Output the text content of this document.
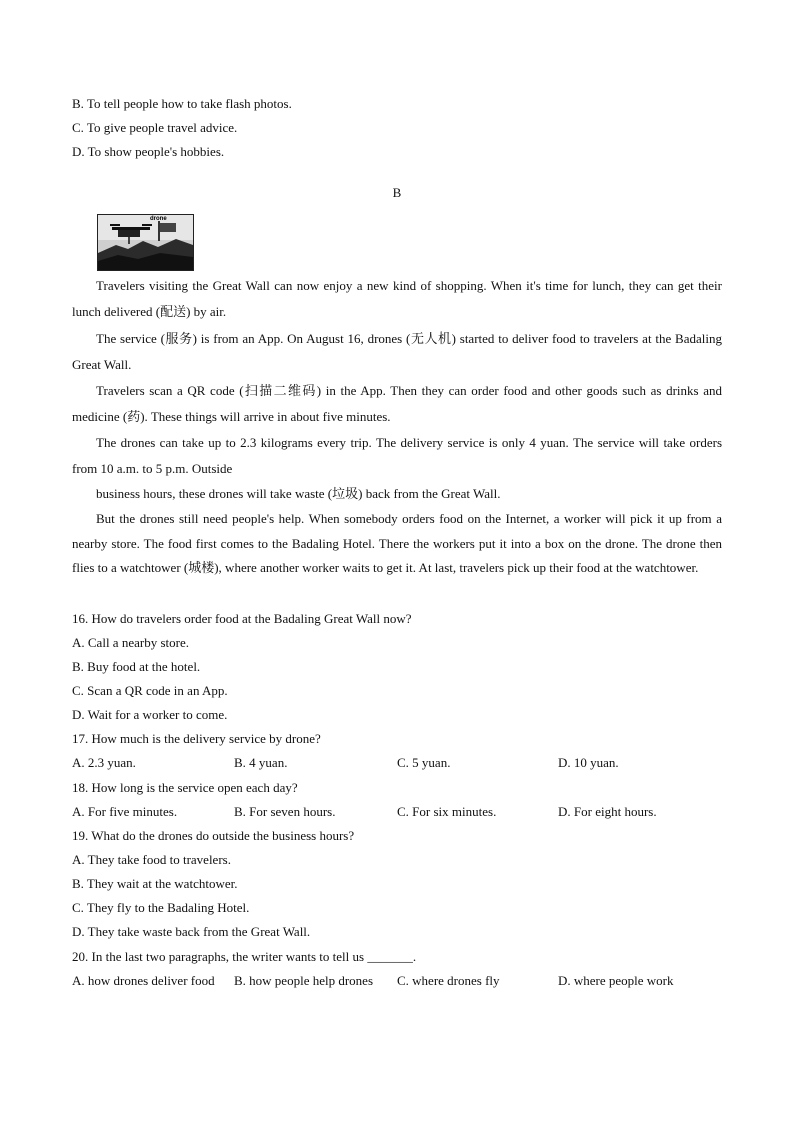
B. To tell people how to take flash photos.
C. To give people travel advice.
D. To show people's hobbies.
B
drone
Travelers visiting the Great Wall can now enjoy a new kind of shopping. When it's time for lunch, they can get their lunch delivered (配送) by air.
The service (服务) is from an App. On August 16, drones (无人机) started to deliver food to travelers at the Badaling Great Wall.
Travelers scan a QR code (扫描二维码) in the App. Then they can order food and other goods such as drinks and medicine (药). These things will arrive in about five minutes.
The drones can take up to 2.3 kilograms every trip. The delivery service is only 4 yuan. The service will take orders from 10 a.m. to 5 p.m. Outside
business hours, these drones will take waste (垃圾) back from the Great Wall.
But the drones still need people's help. When somebody orders food on the Internet, a worker will pick it up from a nearby store. The food first comes to the Badaling Hotel. There the workers put it into a box on the drone. The drone then flies to a watchtower (城楼), where another worker waits to get it. At last, travelers pick up their food at the watchtower.
16. How do travelers order food at the Badaling Great Wall now?
A. Call a nearby store.
B. Buy food at the hotel.
C. Scan a QR code in an App.
D. Wait for a worker to come.
17. How much is the delivery service by drone?
A. 2.3 yuan.	B. 4 yuan.	C. 5 yuan.	D. 10 yuan.
18. How long is the service open each day?
A. For five minutes.	B. For seven hours.	C. For six minutes.	D. For eight hours.
19. What do the drones do outside the business hours?
A. They take food to travelers.
B. They wait at the watchtower.
C. They fly to the Badaling Hotel.
D. They take waste back from the Great Wall.
20. In the last two paragraphs, the writer wants to tell us _______.
A. how drones deliver food B. how people help drones C. where drones fly	D. where people work
